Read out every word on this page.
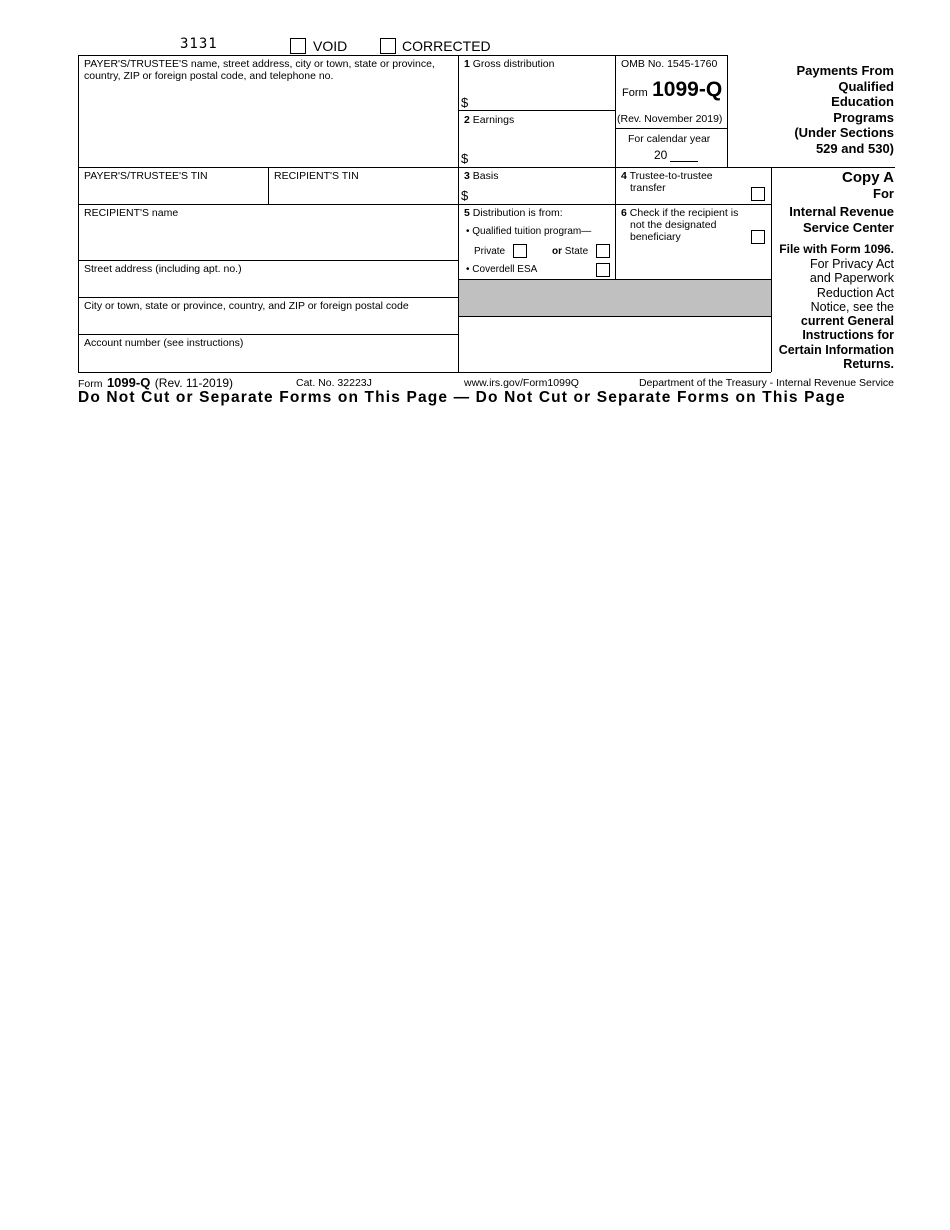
3131	VOID	CORRECTED
PAYER'S/TRUSTEE'S name, street address, city or town, state or province, country, ZIP or foreign postal code, and telephone no.
1 Gross distribution
$
2 Earnings
$
OMB No. 1545-1760
Form 1099-Q
(Rev. November 2019)
For calendar year
20
Payments From
Qualified
Education
Programs
(Under Sections
529 and 530)
PAYER'S/TRUSTEE'S TIN	RECIPIENT'S TIN	3 Basis
$
4 Trustee-to-trustee
transfer
RECIPIENT'S name	5 Distribution is from:
• Qualified tuition program—
Private	or State
• Coverdell ESA
6 Check if the recipient is
not the designated
beneficiary
Street address (including apt. no.)
City or town, state or province, country, and ZIP or foreign postal code
Account number (see instructions)
Copy A
For
Internal Revenue
Service Center
File with Form 1096.
For Privacy Act
and Paperwork
Reduction Act
Notice, see the
current General
Instructions for
Certain Information
Returns.
Form 1099-Q (Rev. 11-2019)	Cat. No. 32223J	www.irs.gov/Form1099Q	Department of the Treasury - Internal Revenue Service
Do Not Cut or Separate Forms on This Page — Do Not Cut or Separate Forms on This Page
